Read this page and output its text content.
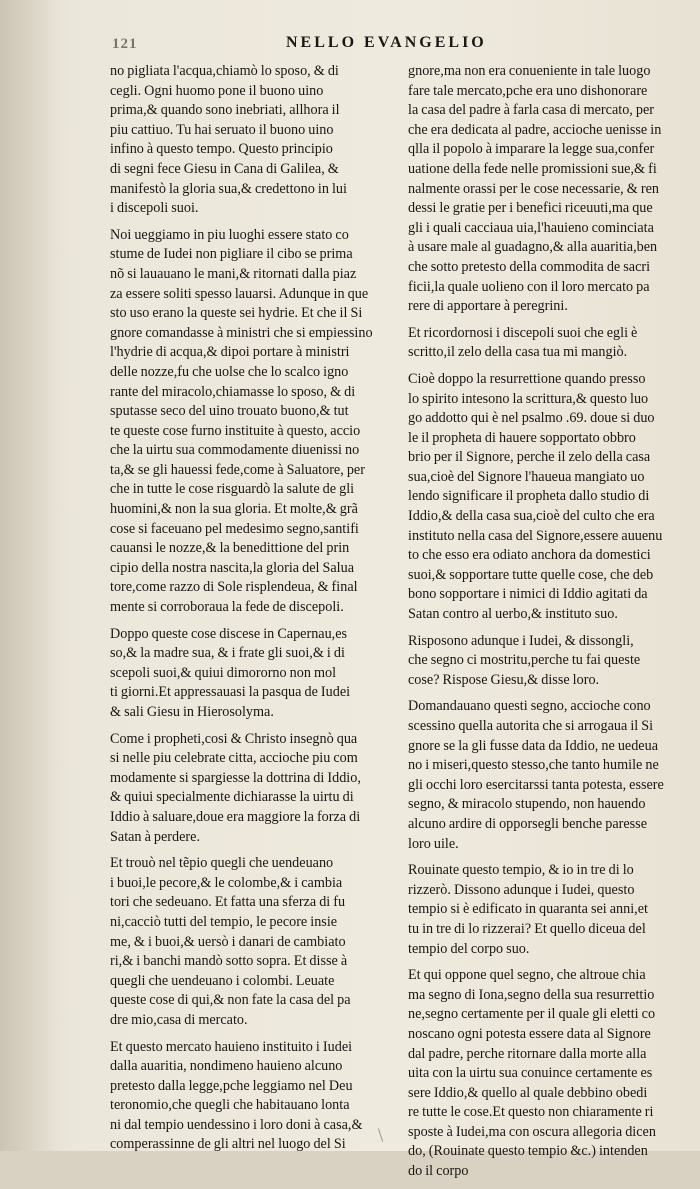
121	NELLO EVANGELIO

no pigliata l'acqua,chiamò lo sposo, & di
cegli. Ogni huomo pone il buono uino
prima,& quando sono inebriati, allhora il
piu cattiuo. Tu hai seruato il buono uino
infino à questo tempo. Questo principio
di segni fece Giesu in Cana di Galilea, &
manifestò la gloria sua,& credettono in lui
i discepoli suoi.

Noi ueggiamo in piu luoghi essere stato co
stume de Iudei non pigliare il cibo se prima
nõ si lauauano le mani,& ritornati dalla piaz
za essere soliti spesso lauarsi. Adunque in que
sto uso erano la queste sei hydrie. Et che il Si
gnore comandasse à ministri che si empiessino
l'hydrie di acqua,& dipoi portare à ministri
delle nozze,fu che uolse che lo scalco igno
rante del miracolo,chiamasse lo sposo, & di
sputasse seco del uino trouato buono,& tut
te queste cose furno instituite à questo, accio
che la uirtu sua commodamente diuenissi no
ta,& se gli hauessi fede,come à Saluatore, per
che in tutte le cose risguardò la salute de gli
huomini,& non la sua gloria. Et molte,& grã
cose si faceuano pel medesimo segno,santifi
cauansi le nozze,& la benedittione del prin
cipio della nostra nascita,la gloria del Salua
tore,come razzo di Sole risplendeua, & final
mente si corroboraua la fede de discepoli.

Doppo queste cose discese in Capernau,es
so,& la madre sua, & i frate gli suoi,& i di
scepoli suoi,& quiui dimororno non mol
ti giorni.Et appressauasi la pasqua de Iudei
& sali Giesu in Hierosolyma.

Come i propheti,cosi & Christo insegnò qua
si nelle piu celebrate citta, accioche piu com
modamente si spargiesse la dottrina di Iddio,
& quiui specialmente dichiarasse la uirtu di
Iddio à saluare,doue era maggiore la forza di
Satan à perdere.

Et trouò nel tẽpio quegli che uendeuano
i buoi,le pecore,& le colombe,& i cambia
tori che sedeuano. Et fatta una sferza di fu
ni,cacciò tutti del tempio, le pecore insie
me, & i buoi,& uersò i danari de cambiato
ri,& i banchi mandò sotto sopra. Et disse à
quegli che uendeuano i colombi. Leuate
queste cose di qui,& non fate la casa del pa
dre mio,casa di mercato.

Et questo mercato hauieno instituito i Iudei
dalla auaritia, nondimeno hauieno alcuno
pretesto dalla legge,pche leggiamo nel Deu
teronomio,che quegli che habitauano lonta
ni dal tempio uendessino i loro doni à casa,&
comperassinne de gli altri nel luogo del Si

gnore,ma non era conueniente in tale luogo
fare tale mercato,pche era uno dishonorare
la casa del padre à farla casa di mercato, per
che era dedicata al padre, accioche uenisse in
qlla il popolo à imparare la legge sua,confer
uatione della fede nelle promissioni sue,& fi
nalmente orassi per le cose necessarie, & ren
dessi le gratie per i benefici riceuuti,ma que
gli i quali cacciaua uia,l'hauieno cominciata
à usare male al guadagno,& alla auaritia,ben
che sotto pretesto della commodita de sacri
ficii,la quale uolieno con il loro mercato pa
rere di apportare à peregrini.

Et ricordornosi i discepoli suoi che egli è
scritto,il zelo della casa tua mi mangiò.

Cioè doppo la resurrettione quando presso
lo spirito intesono la scrittura,& questo luo
go addotto qui è nel psalmo .69. doue si duo
le il propheta di hauere sopportato obbro
brio per il Signore, perche il zelo della casa
sua,cioè del Signore l'haueua mangiato uo
lendo significare il propheta dallo studio di
Iddio,& della casa sua,cioè del culto che era
instituto nella casa del Signore,essere auuenu
to che esso era odiato anchora da domestici
suoi,& sopportare tutte quelle cose, che deb
bono sopportare i nimici di Iddio agitati da
Satan contro al uerbo,& instituto suo.

Risposono adunque i Iudei, & dissongli,
che segno ci mostritu,perche tu fai queste
cose? Rispose Giesu,& disse loro.

Domandauano questi segno, accioche cono
scessino quella autorita che si arrogaua il Si
gnore se la gli fusse data da Iddio, ne uedeua
no i miseri,questo stesso,che tanto humile ne
gli occhi loro esercitarssi tanta potesta, essere
segno, & miracolo stupendo, non hauendo
alcuno ardire di opporsegli benche paresse
loro uile.

Rouinate questo tempio, & io in tre di lo
rizzerò. Dissono adunque i Iudei, questo
tempio si è edificato in quaranta sei anni,et
tu in tre di lo rizzerai? Et quello diceua del
tempio del corpo suo.

Et qui oppone quel segno, che altroue chia
ma segno di Iona,segno della sua resurrettio
ne,segno certamente per il quale gli eletti co
noscano ogni potesta essere data al Signore
dal padre, perche ritornare dalla morte alla
uita con la uirtu sua conuince certamente es
sere Iddio,& quello al quale debbino obedi
re tutte le cose.Et questo non chiaramente ri
sposte à Iudei,ma con oscura allegoria dicen
do, (Rouinate questo tempio &c.) intenden
do il corpo
